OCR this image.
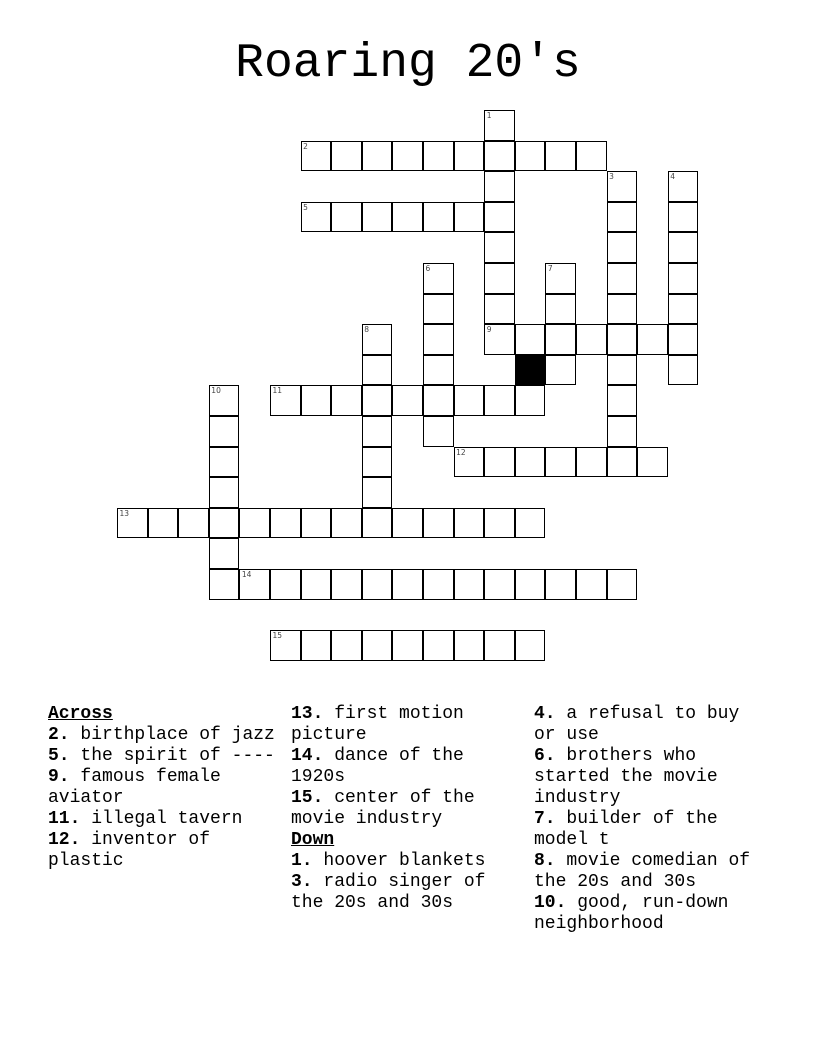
Roaring 20's
1
2
3	4
5
6	7
8	9
10	11
12
13
14
15
Across
2. birthplace of jazz
5. the spirit of ----
9. famous female aviator
11. illegal tavern
12. inventor of plastic
13. first motion picture
14. dance of the 1920s
15. center of the movie industry
Down
1. hoover blankets
3. radio singer of the 20s and 30s
4. a refusal to buy or use
6. brothers who started the movie industry
7. builder of the model t
8. movie comedian of the 20s and 30s
10. good, run-down neighborhood
